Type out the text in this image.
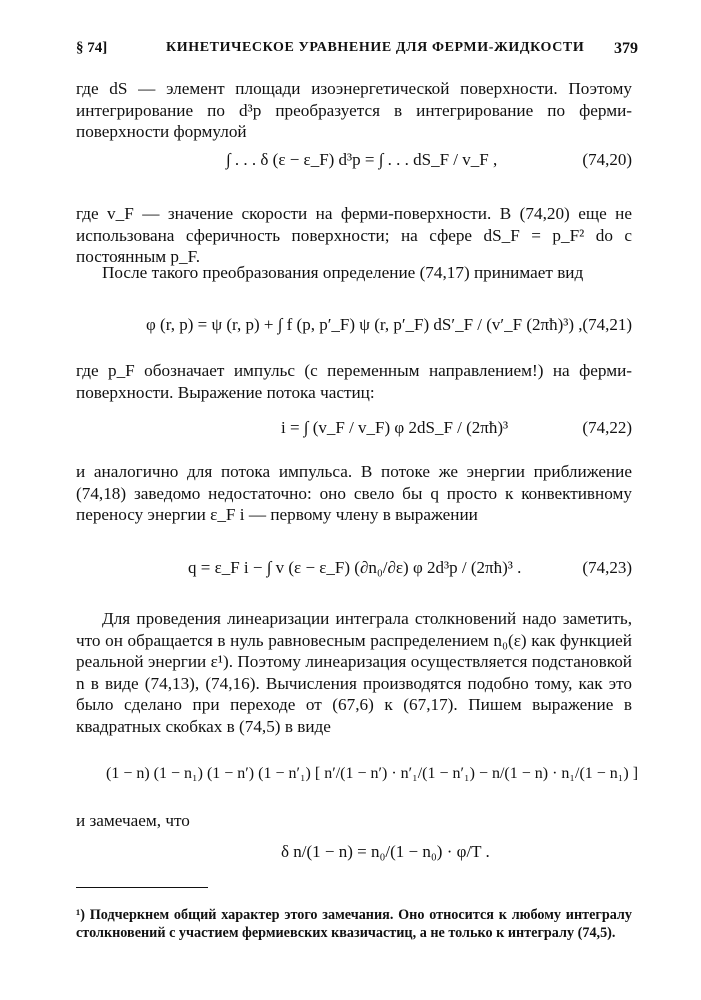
§ 74]	КИНЕТИЧЕСКОЕ УРАВНЕНИЕ ДЛЯ ФЕРМИ-ЖИДКОСТИ 379

где dS — элемент площади изоэнергетической поверхности. Поэтому интегрирование по d³p преобразуется в интегрирование по ферми-поверхности формулой

∫ . . . δ (ε − ε_F) d³p = ∫ . . . dS_F / v_F ,	(74,20)

где v_F — значение скорости на ферми-поверхности. В (74,20) еще не использована сферичность поверхности; на сфере dS_F = p_F² do с постоянным p_F.

После такого преобразования определение (74,17) принимает вид

φ (r, p) = ψ (r, p) + ∫ f (p, p′_F) ψ (r, p′_F) dS′_F / (v′_F (2πħ)³) , (74,21)

где p_F обозначает импульс (с переменным направлением!) на ферми-поверхности. Выражение потока частиц:

i = ∫ (v_F / v_F) φ 2dS_F / (2πħ)³	(74,22)

и аналогично для потока импульса. В потоке же энергии приближение (74,18) заведомо недостаточно: оно свело бы q просто к конвективному переносу энергии ε_F i — первому члену в выражении

q = ε_F i − ∫ v (ε − ε_F) (∂n₀/∂ε) φ 2d³p / (2πħ)³ .	(74,23)

Для проведения линеаризации интеграла столкновений надо заметить, что он обращается в нуль равновесным распределением n₀(ε) как функцией реальной энергии ε¹). Поэтому линеаризация осуществляется подстановкой n в виде (74,13), (74,16). Вычисления производятся подобно тому, как это было сделано при переходе от (67,6) к (67,17). Пишем выражение в квадратных скобках в (74,5) в виде

(1 − n) (1 − n₁) (1 − n′) (1 − n′₁) [ n′/(1 − n′) · n′₁/(1 − n′₁) − n/(1 − n) · n₁/(1 − n₁) ]

и замечаем, что

δ n/(1 − n) = n₀/(1 − n₀) · φ/T .

¹) Подчеркнем общий характер этого замечания. Оно относится к любому интегралу столкновений с участием фермиевских квазичастиц, а не только к интегралу (74,5).
